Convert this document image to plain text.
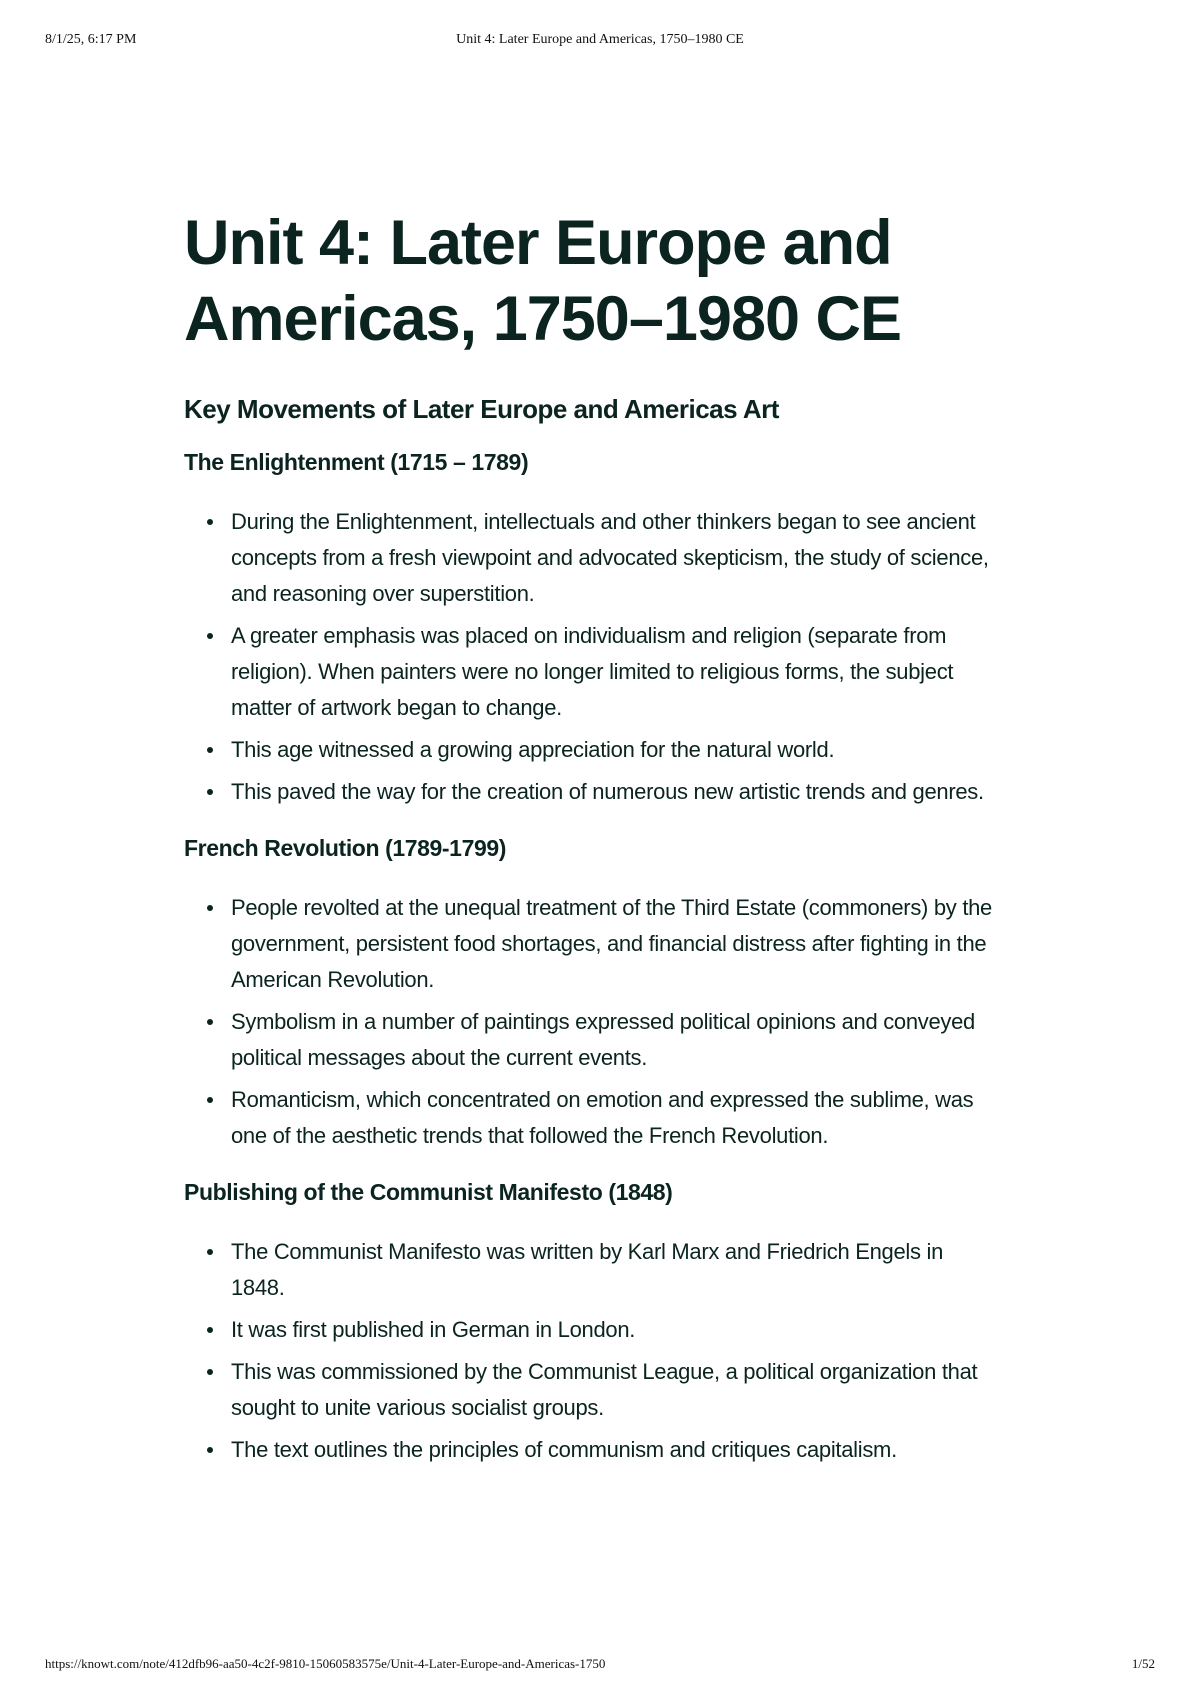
8/1/25, 6:17 PM	Unit 4: Later Europe and Americas, 1750–1980 CE
Unit 4: Later Europe and
Americas, 1750–1980 CE
Key Movements of Later Europe and Americas Art
The Enlightenment (1715 – 1789)
During the Enlightenment, intellectuals and other thinkers began to see ancient concepts from a fresh viewpoint and advocated skepticism, the study of science, and reasoning over superstition.
A greater emphasis was placed on individualism and religion (separate from religion). When painters were no longer limited to religious forms, the subject matter of artwork began to change.
This age witnessed a growing appreciation for the natural world.
This paved the way for the creation of numerous new artistic trends and genres.
French Revolution (1789-1799)
People revolted at the unequal treatment of the Third Estate (commoners) by the government, persistent food shortages, and financial distress after fighting in the American Revolution.
Symbolism in a number of paintings expressed political opinions and conveyed political messages about the current events.
Romanticism, which concentrated on emotion and expressed the sublime, was one of the aesthetic trends that followed the French Revolution.
Publishing of the Communist Manifesto (1848)
The Communist Manifesto was written by Karl Marx and Friedrich Engels in 1848.
It was first published in German in London.
This was commissioned by the Communist League, a political organization that sought to unite various socialist groups.
The text outlines the principles of communism and critiques capitalism.
https://knowt.com/note/412dfb96-aa50-4c2f-9810-15060583575e/Unit-4-Later-Europe-and-Americas-1750	1/52
